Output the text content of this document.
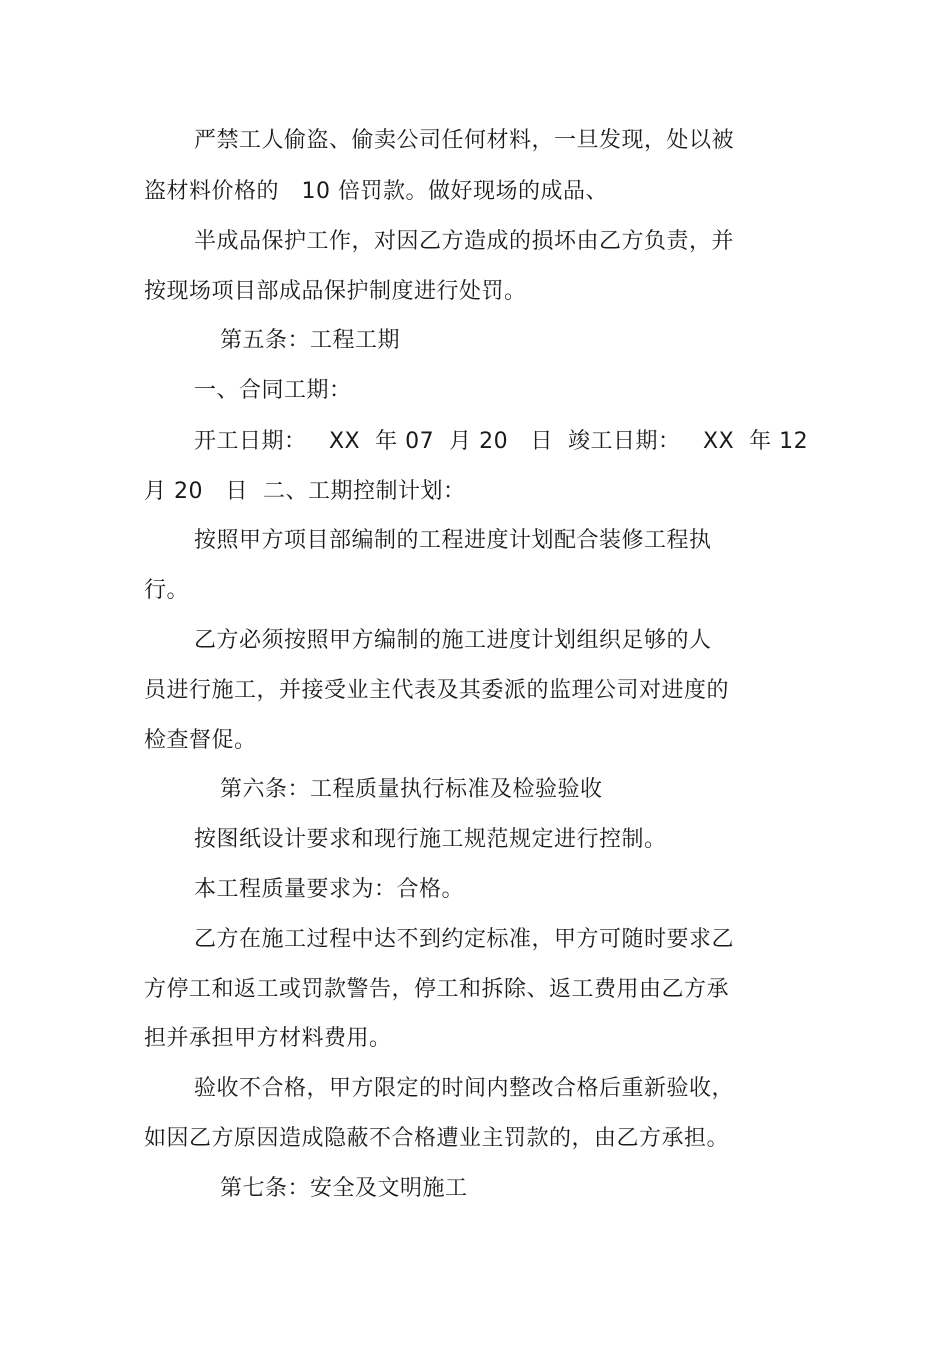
严禁工人偷盗、偷卖公司任何材料，一旦发现，处以被
盗材料价格的   10 倍罚款。做好现场的成品、
半成品保护工作，对因乙方造成的损坏由乙方负责，并
按现场项目部成品保护制度进行处罚。
第五条：工程工期
一、合同工期：
开工日期：   XX  年 07  月 20   日  竣工日期：   XX  年 12
月 20   日  二、工期控制计划：
按照甲方项目部编制的工程进度计划配合装修工程执
行。
乙方必须按照甲方编制的施工进度计划组织足够的人
员进行施工，并接受业主代表及其委派的监理公司对进度的
检查督促。
第六条：工程质量执行标准及检验验收
按图纸设计要求和现行施工规范规定进行控制。
本工程质量要求为：合格。
乙方在施工过程中达不到约定标准，甲方可随时要求乙
方停工和返工或罚款警告，停工和拆除、返工费用由乙方承
担并承担甲方材料费用。
验收不合格，甲方限定的时间内整改合格后重新验收，
如因乙方原因造成隐蔽不合格遭业主罚款的，由乙方承担。
第七条：安全及文明施工
